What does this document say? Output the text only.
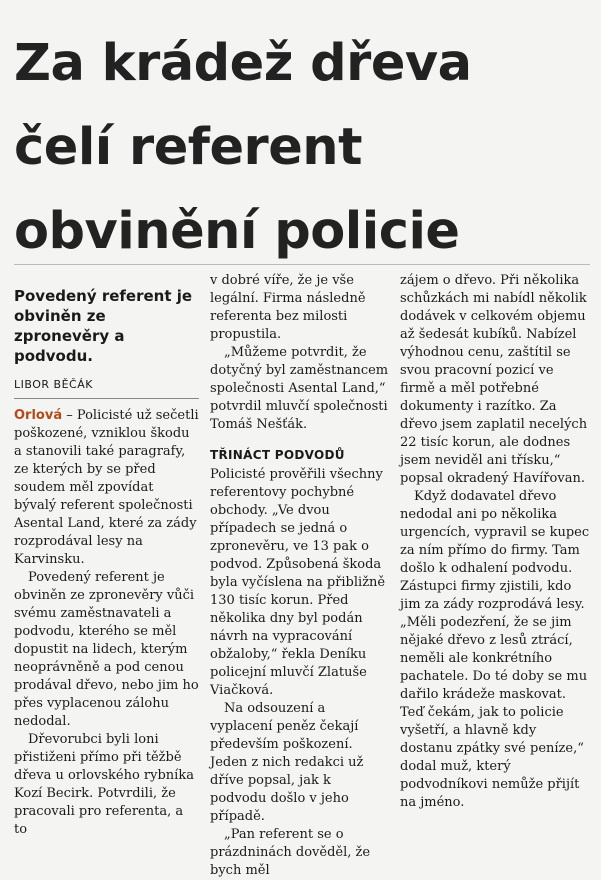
Za krádež dřeva
čelí referent
obvinění policie
Povedený referent je obviněn ze zpronevěry a podvodu.
LIBOR BĚČÁK

Orlová – Policisté už sečetli poškozené, vzniklou škodu a stanovili také paragrafy, ze kterých by se před soudem měl zpovídat bývalý referent společnosti Asental Land, které za zády rozprodával lesy na Karvinsku.

Povedený referent je obviněn ze zpronevěry vůči svému zaměstnavateli a podvodu, kterého se měl dopustit na lidech, kterým neoprávněně a pod cenou prodával dřevo, nebo jim ho přes vyplacenou zálohu nedodal.

Dřevorubci byli loni přistiženi přímo při těžbě dřeva u orlovského rybníka Kozí Becirk. Potvrdili, že pracovali pro referenta, a to

v dobré víře, že je vše legální. Firma následně referenta bez milosti propustila.

„Můžeme potvrdit, že dotyčný byl zaměstnancem společnosti Asental Land,“ potvrdil mluvčí společnosti Tomáš Nešťák.

TŘINÁCT PODVODŮ

Policisté prověřili všechny referentovy pochybné obchody. „Ve dvou případech se jedná o zpronevěru, ve 13 pak o podvod. Způsobená škoda byla vyčíslena na přibližně 130 tisíc korun. Před několika dny byl podán návrh na vypracování obžaloby,“ řekla Deníku policejní mluvčí Zlatuše Viačková.

Na odsouzení a vyplacení peněz čekají především poškození. Jeden z nich redakci už dříve popsal, jak k podvodu došlo v jeho případě.

„Pan referent se o prázdninách dověděl, že bych měl

zájem o dřevo. Při několika schůzkách mi nabídl několik dodávek v celkovém objemu až šedesát kubíků. Nabízel výhodnou cenu, zaštítil se svou pracovní pozicí ve firmě a měl potřebné dokumenty i razítko. Za dřevo jsem zaplatil necelých 22 tisíc korun, ale dodnes jsem neviděl ani třísku,“ popsal okradený Havířovan.

Když dodavatel dřevo nedodal ani po několika urgencích, vypravil se kupec za ním přímo do firmy. Tam došlo k odhalení podvodu. Zástupci firmy zjistili, kdo jim za zády rozprodává lesy. „Měli podezření, že se jim nějaké dřevo z lesů ztrácí, neměli ale konkrétního pachatele. Do té doby se mu dařilo krádeže maskovat. Teď čekám, jak to policie vyšetří, a hlavně kdy dostanu zpátky své peníze,“ dodal muž, který podvodníkovi nemůže přijít na jméno.
